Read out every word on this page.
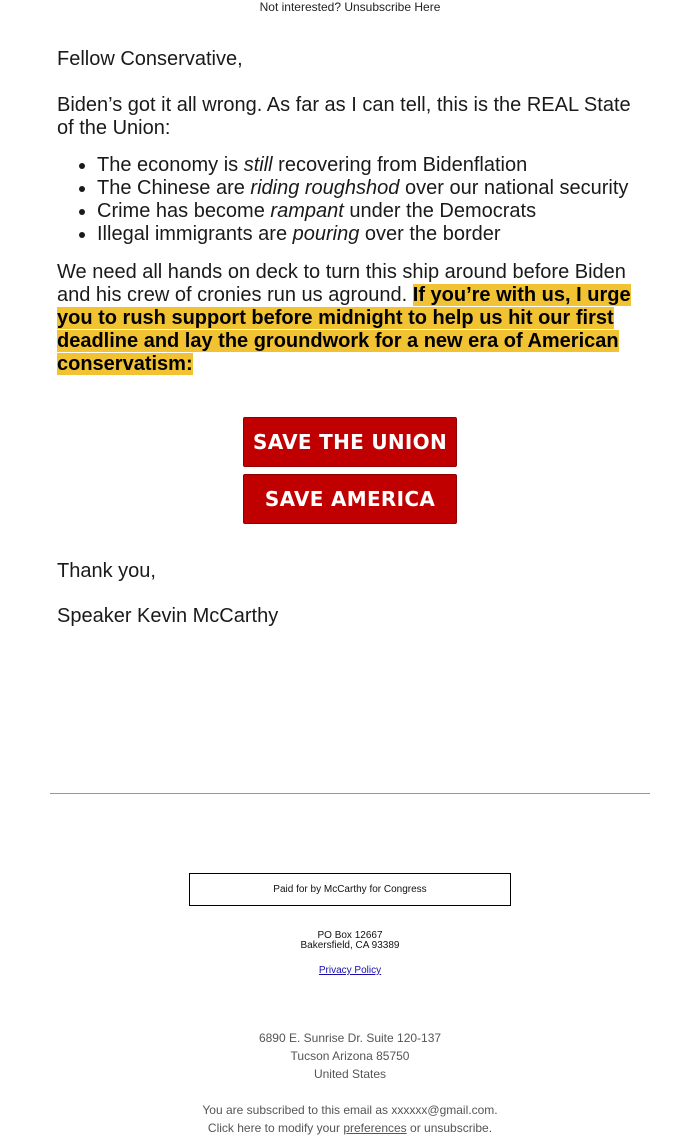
Not interested? Unsubscribe Here

Fellow Conservative,

Biden’s got it all wrong. As far as I can tell, this is the REAL State of the Union:

• The economy is still recovering from Bidenflation
• The Chinese are riding roughshod over our national security
• Crime has become rampant under the Democrats
• Illegal immigrants are pouring over the border

We need all hands on deck to turn this ship around before Biden and his crew of cronies run us aground. If you’re with us, I urge you to rush support before midnight to help us hit our first deadline and lay the groundwork for a new era of American conservatism:

SAVE THE UNION
SAVE AMERICA

Thank you,

Speaker Kevin McCarthy

Paid for by McCarthy for Congress
PO Box 12667
Bakersfield, CA 93389
Privacy Policy
6890 E. Sunrise Dr. Suite 120-137
Tucson Arizona 85750
United States
You are subscribed to this email as xxxxxx@gmail.com.
Click here to modify your preferences or unsubscribe.
